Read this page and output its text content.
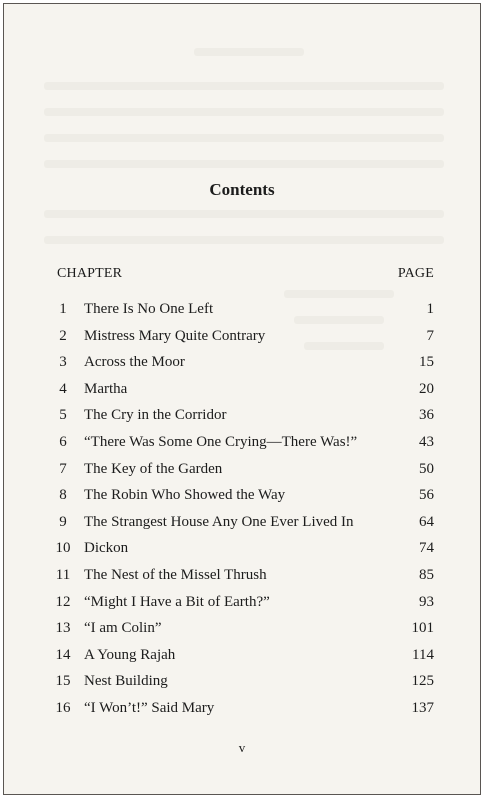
Contents
CHAPTER	PAGE
1	There Is No One Left	1
2	Mistress Mary Quite Contrary	7
3	Across the Moor	15
4	Martha	20
5	The Cry in the Corridor	36
6	“There Was Some One Crying—There Was!”	43
7	The Key of the Garden	50
8	The Robin Who Showed the Way	56
9	The Strangest House Any One Ever Lived In	64
10 Dickon	74
11 The Nest of the Missel Thrush	85
12 “Might I Have a Bit of Earth?”	93
13 “I am Colin”	101
14 A Young Rajah	114
15 Nest Building	125
16 “I Won’t!” Said Mary	137
v
